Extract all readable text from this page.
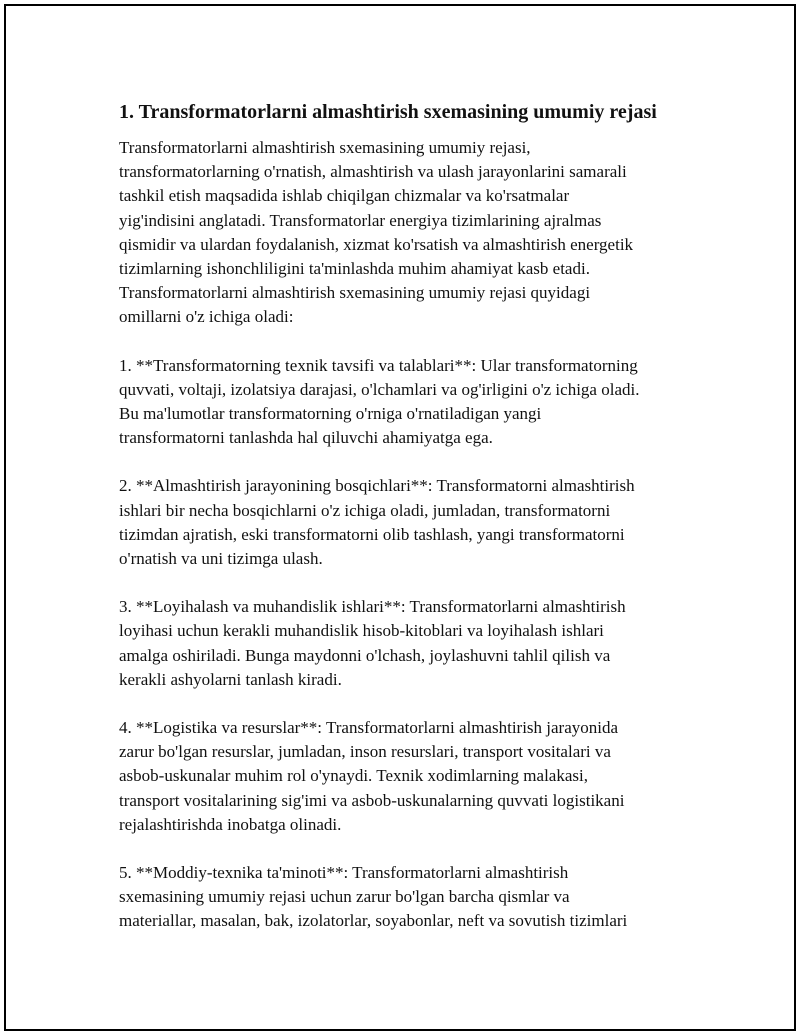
1. Transformatorlarni almashtirish sxemasining umumiy rejasi

Transformatorlarni almashtirish sxemasining umumiy rejasi,
transformatorlarning o'rnatish, almashtirish va ulash jarayonlarini samarali
tashkil etish maqsadida ishlab chiqilgan chizmalar va ko'rsatmalar
yig'indisini anglatadi. Transformatorlar energiya tizimlarining ajralmas
qismidir va ulardan foydalanish, xizmat ko'rsatish va almashtirish energetik
tizimlarning ishonchliligini ta'minlashda muhim ahamiyat kasb etadi.
Transformatorlarni almashtirish sxemasining umumiy rejasi quyidagi
omillarni o'z ichiga oladi:

1. **Transformatorning texnik tavsifi va talablari**: Ular transformatorning
quvvati, voltaji, izolatsiya darajasi, o'lchamlari va og'irligini o'z ichiga oladi.
Bu ma'lumotlar transformatorning o'rniga o'rnatiladigan yangi
transformatorni tanlashda hal qiluvchi ahamiyatga ega.

2. **Almashtirish jarayonining bosqichlari**: Transformatorni almashtirish
ishlari bir necha bosqichlarni o'z ichiga oladi, jumladan, transformatorni
tizimdan ajratish, eski transformatorni olib tashlash, yangi transformatorni
o'rnatish va uni tizimga ulash.

3. **Loyihalash va muhandislik ishlari**: Transformatorlarni almashtirish
loyihasi uchun kerakli muhandislik hisob-kitoblari va loyihalash ishlari
amalga oshiriladi. Bunga maydonni o'lchash, joylashuvni tahlil qilish va
kerakli ashyolarni tanlash kiradi.

4. **Logistika va resurslar**: Transformatorlarni almashtirish jarayonida
zarur bo'lgan resurslar, jumladan, inson resurslari, transport vositalari va
asbob-uskunalar muhim rol o'ynaydi. Texnik xodimlarning malakasi,
transport vositalarining sig'imi va asbob-uskunalarning quvvati logistikani
rejalashtirishda inobatga olinadi.

5. **Moddiy-texnika ta'minoti**: Transformatorlarni almashtirish
sxemasining umumiy rejasi uchun zarur bo'lgan barcha qismlar va
materiallar, masalan, bak, izolatorlar, soyabonlar, neft va sovutish tizimlari
